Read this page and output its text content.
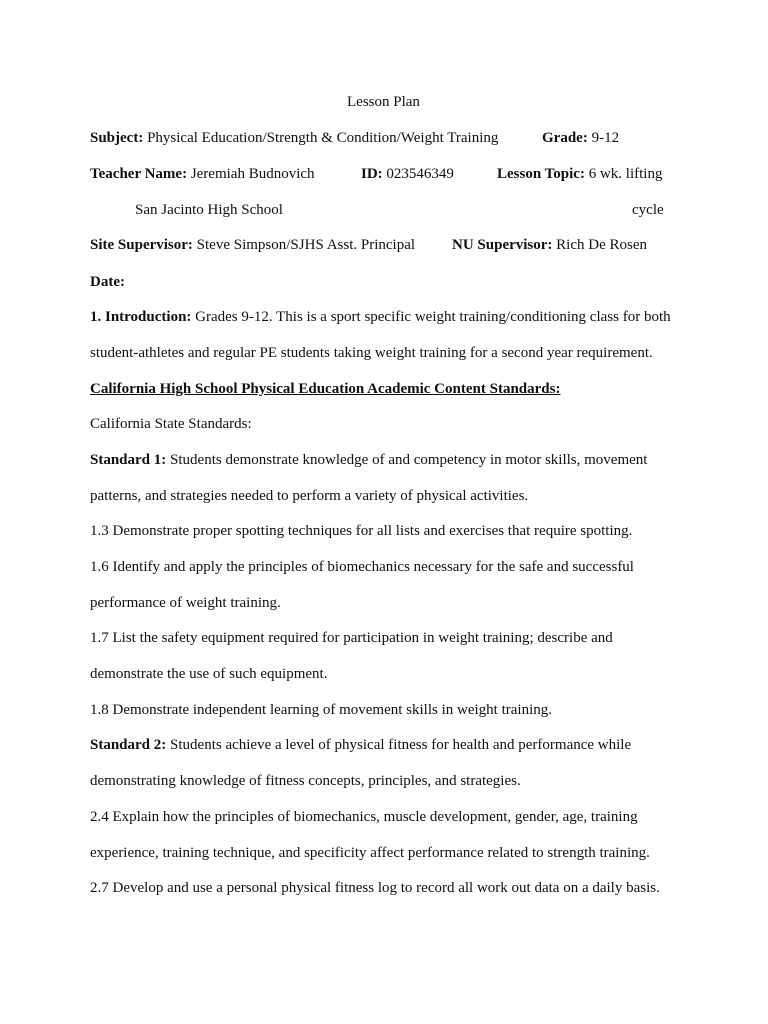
Lesson Plan
Subject: Physical Education/Strength & Condition/Weight Training	Grade: 9-12
Teacher Name: Jeremiah Budnovich	ID: 023546349	Lesson Topic: 6 wk. lifting
San Jacinto High School	cycle
Site Supervisor: Steve Simpson/SJHS Asst. Principal NU Supervisor: Rich De Rosen
Date:
1. Introduction: Grades 9-12. This is a sport specific weight training/conditioning class for both
student-athletes and regular PE students taking weight training for a second year requirement.
California High School Physical Education Academic Content Standards:
California State Standards:
Standard 1: Students demonstrate knowledge of and competency in motor skills, movement
patterns, and strategies needed to perform a variety of physical activities.
1.3 Demonstrate proper spotting techniques for all lists and exercises that require spotting.
1.6 Identify and apply the principles of biomechanics necessary for the safe and successful
performance of weight training.
1.7 List the safety equipment required for participation in weight training; describe and
demonstrate the use of such equipment.
1.8 Demonstrate independent learning of movement skills in weight training.
Standard 2: Students achieve a level of physical fitness for health and performance while
demonstrating knowledge of fitness concepts, principles, and strategies.
2.4 Explain how the principles of biomechanics, muscle development, gender, age, training
experience, training technique, and specificity affect performance related to strength training.
2.7 Develop and use a personal physical fitness log to record all work out data on a daily basis.
